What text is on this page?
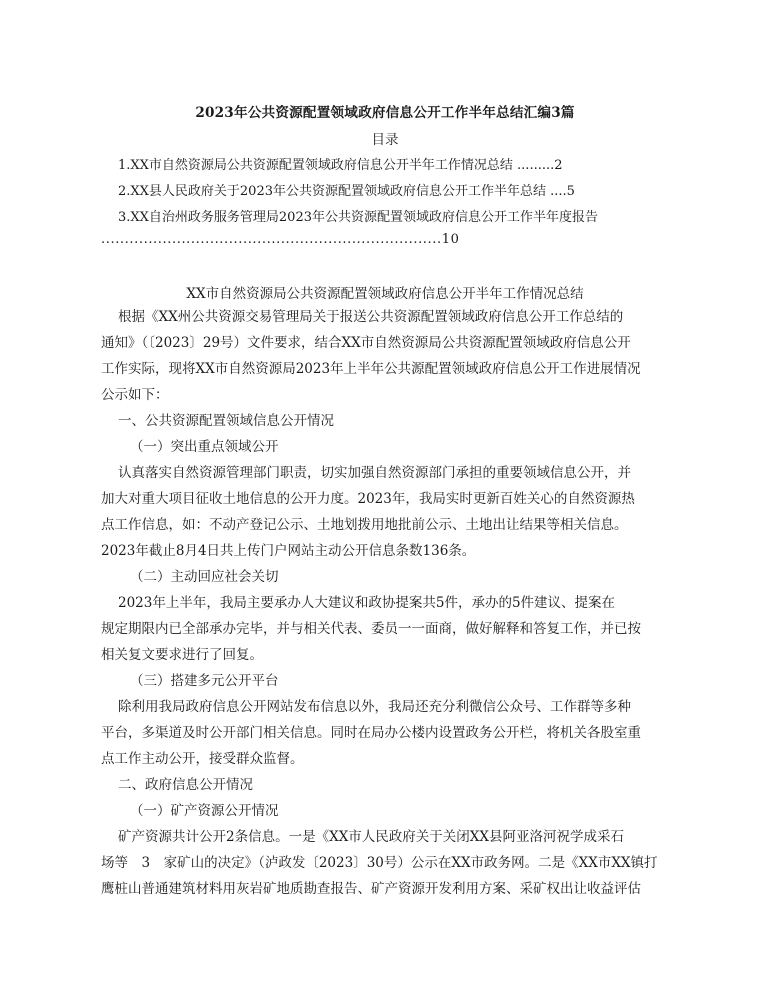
2023年公共资源配置领域政府信息公开工作半年总结汇编3篇
目录
1.XX市自然资源局公共资源配置领域政府信息公开半年工作情况总结 .........2
2.XX县人民政府关于2023年公共资源配置领域政府信息公开工作半年总结 ....5
3.XX自治州政务服务管理局2023年公共资源配置领域政府信息公开工作半年度报告
........................................................................10
XX市自然资源局公共资源配置领域政府信息公开半年工作情况总结

根据《XX州公共资源交易管理局关于报送公共资源配置领域政府信息公开工作总结的

通知》（〔2023〕29号）文件要求，结合XX市自然资源局公共资源配置领域政府信息公开

工作实际，现将XX市自然资源局2023年上半年公共源配置领域政府信息公开工作进展情况

公示如下：

一、公共资源配置领域信息公开情况

（一）突出重点领域公开

认真落实自然资源管理部门职责，切实加强自然资源部门承担的重要领域信息公开，并

加大对重大项目征收土地信息的公开力度。2023年，我局实时更新百姓关心的自然资源热

点工作信息，如：不动产登记公示、土地划拨用地批前公示、土地出让结果等相关信息。

2023年截止8月4日共上传门户网站主动公开信息条数136条。

（二）主动回应社会关切

2023年上半年，我局主要承办人大建议和政协提案共5件，承办的5件建议、提案在

规定期限内已全部承办完毕，并与相关代表、委员一一面商，做好解释和答复工作，并已按

相关复文要求进行了回复。

（三）搭建多元公开平台

除利用我局政府信息公开网站发布信息以外，我局还充分利微信公众号、工作群等多种

平台，多渠道及时公开部门相关信息。同时在局办公楼内设置政务公开栏，将机关各股室重

点工作主动公开，接受群众监督。

二、政府信息公开情况

（一）矿产资源公开情况

矿产资源共计公开2条信息。一是《XX市人民政府关于关闭XX县阿亚洛河祝学成采石

场等　3　家矿山的决定》（泸政发〔2023〕30号）公示在XX市政务网。二是《XX市XX镇打

鹰桩山普通建筑材料用灰岩矿地质勘查报告、矿产资源开发利用方案、采矿权出让收益评估
